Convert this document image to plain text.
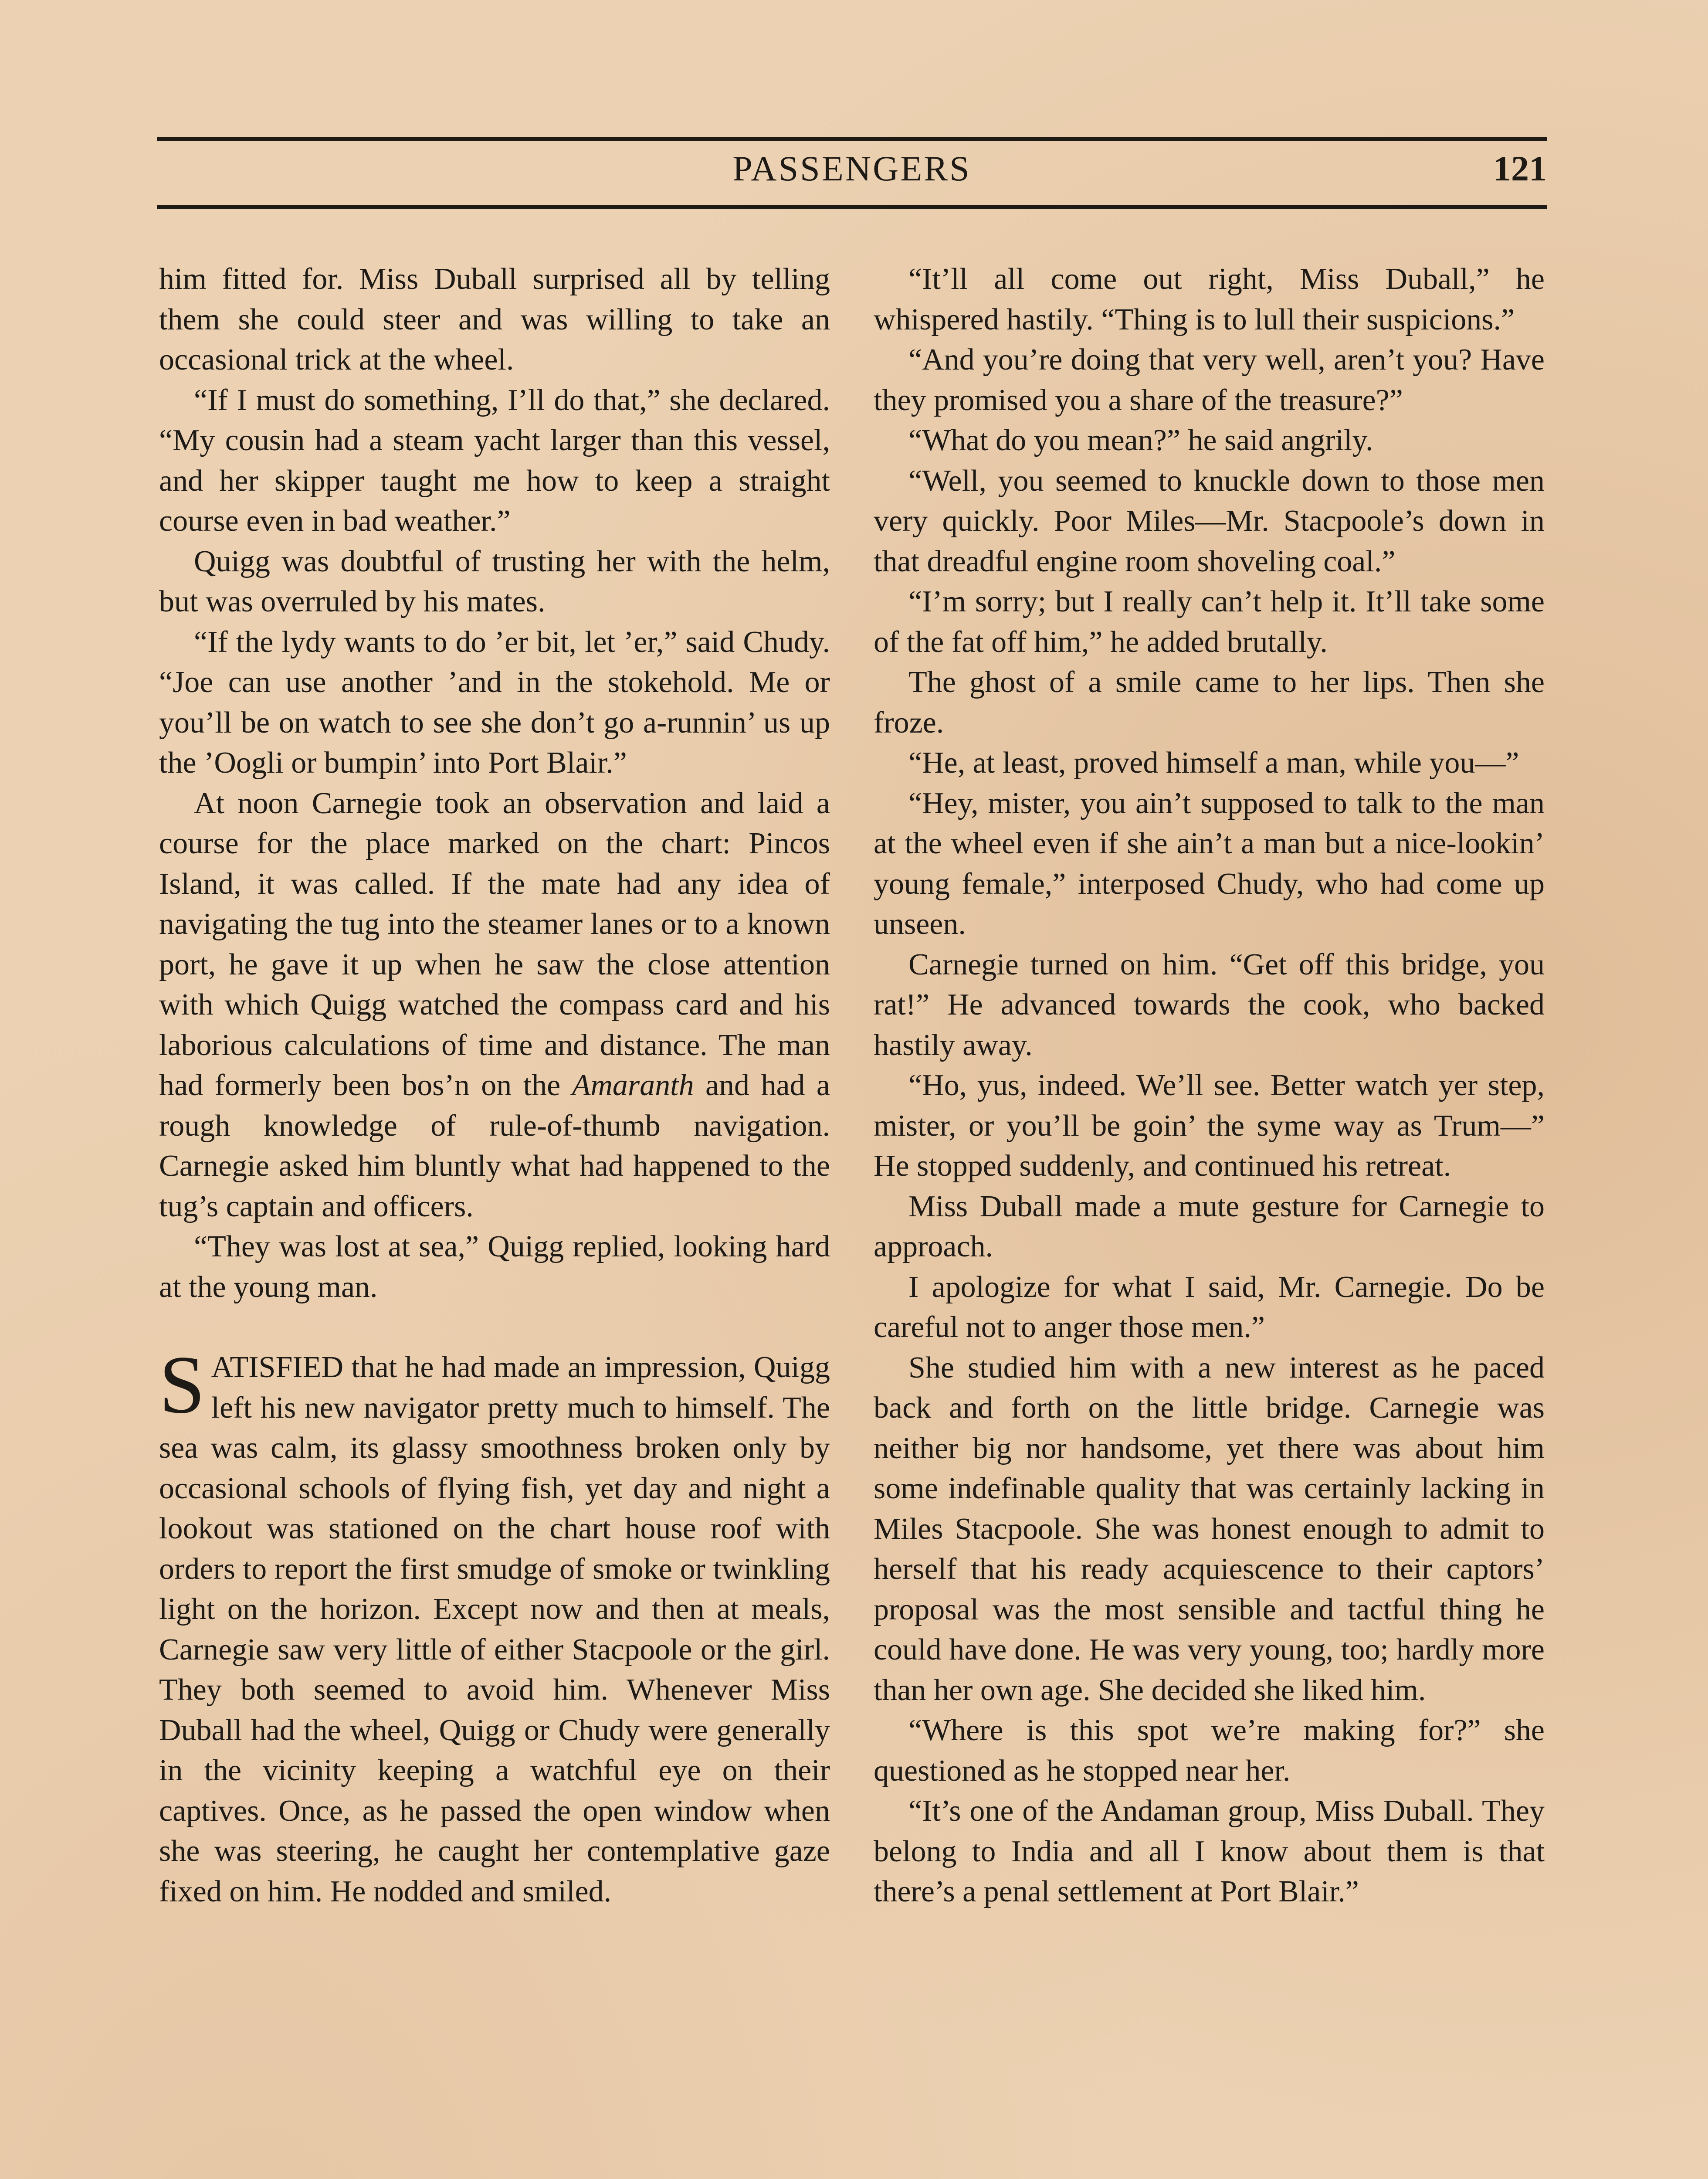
PASSENGERS	121

him fitted for. Miss Duball surprised all by telling them she could steer and was willing to take an occasional trick at the wheel.

“If I must do something, I’ll do that,” she declared. “My cousin had a steam yacht larger than this vessel, and her skipper taught me how to keep a straight course even in bad weather.”

Quigg was doubtful of trusting her with the helm, but was overruled by his mates.

“If the lydy wants to do ’er bit, let ’er,” said Chudy. “Joe can use another ’and in the stokehold. Me or you’ll be on watch to see she don’t go a-runnin’ us up the ’Oogli or bumpin’ into Port Blair.”

At noon Carnegie took an observation and laid a course for the place marked on the chart: Pincos Island, it was called. If the mate had any idea of navigating the tug into the steamer lanes or to a known port, he gave it up when he saw the close attention with which Quigg watched the compass card and his laborious calculations of time and distance. The man had formerly been bos’n on the Amaranth and had a rough knowledge of rule-of-thumb navigation. Carnegie asked him bluntly what had happened to the tug’s captain and officers.

“They was lost at sea,” Quigg replied, looking hard at the young man.

SATISFIED that he had made an impression, Quigg left his new navigator pretty much to himself. The sea was calm, its glassy smoothness broken only by occasional schools of flying fish, yet day and night a lookout was stationed on the chart house roof with orders to report the first smudge of smoke or twinkling light on the horizon. Except now and then at meals, Carnegie saw very little of either Stacpoole or the girl. They both seemed to avoid him. Whenever Miss Duball had the wheel, Quigg or Chudy were generally in the vicinity keeping a watchful eye on their captives. Once, as he passed the open window when she was steering, he caught her contemplative gaze fixed on him. He nodded and smiled.

“It’ll all come out right, Miss Duball,” he whispered hastily. “Thing is to lull their suspicions.”

“And you’re doing that very well, aren’t you? Have they promised you a share of the treasure?”

“What do you mean?” he said angrily.

“Well, you seemed to knuckle down to those men very quickly. Poor Miles—Mr. Stacpoole’s down in that dreadful engine room shoveling coal.”

“I’m sorry; but I really can’t help it. It’ll take some of the fat off him,” he added brutally.

The ghost of a smile came to her lips. Then she froze.

“He, at least, proved himself a man, while you—”

“Hey, mister, you ain’t supposed to talk to the man at the wheel even if she ain’t a man but a nice-lookin’ young female,” interposed Chudy, who had come up unseen.

Carnegie turned on him. “Get off this bridge, you rat!” He advanced towards the cook, who backed hastily away.

“Ho, yus, indeed. We’ll see. Better watch yer step, mister, or you’ll be goin’ the syme way as Trum—” He stopped suddenly, and continued his retreat.

Miss Duball made a mute gesture for Carnegie to approach.

I apologize for what I said, Mr. Carnegie. Do be careful not to anger those men.”

She studied him with a new interest as he paced back and forth on the little bridge. Carnegie was neither big nor handsome, yet there was about him some indefinable quality that was certainly lacking in Miles Stacpoole. She was honest enough to admit to herself that his ready acquiescence to their captors’ proposal was the most sensible and tactful thing he could have done. He was very young, too; hardly more than her own age. She decided she liked him.

“Where is this spot we’re making for?” she questioned as he stopped near her.

“It’s one of the Andaman group, Miss Duball. They belong to India and all I know about them is that there’s a penal settlement at Port Blair.”
